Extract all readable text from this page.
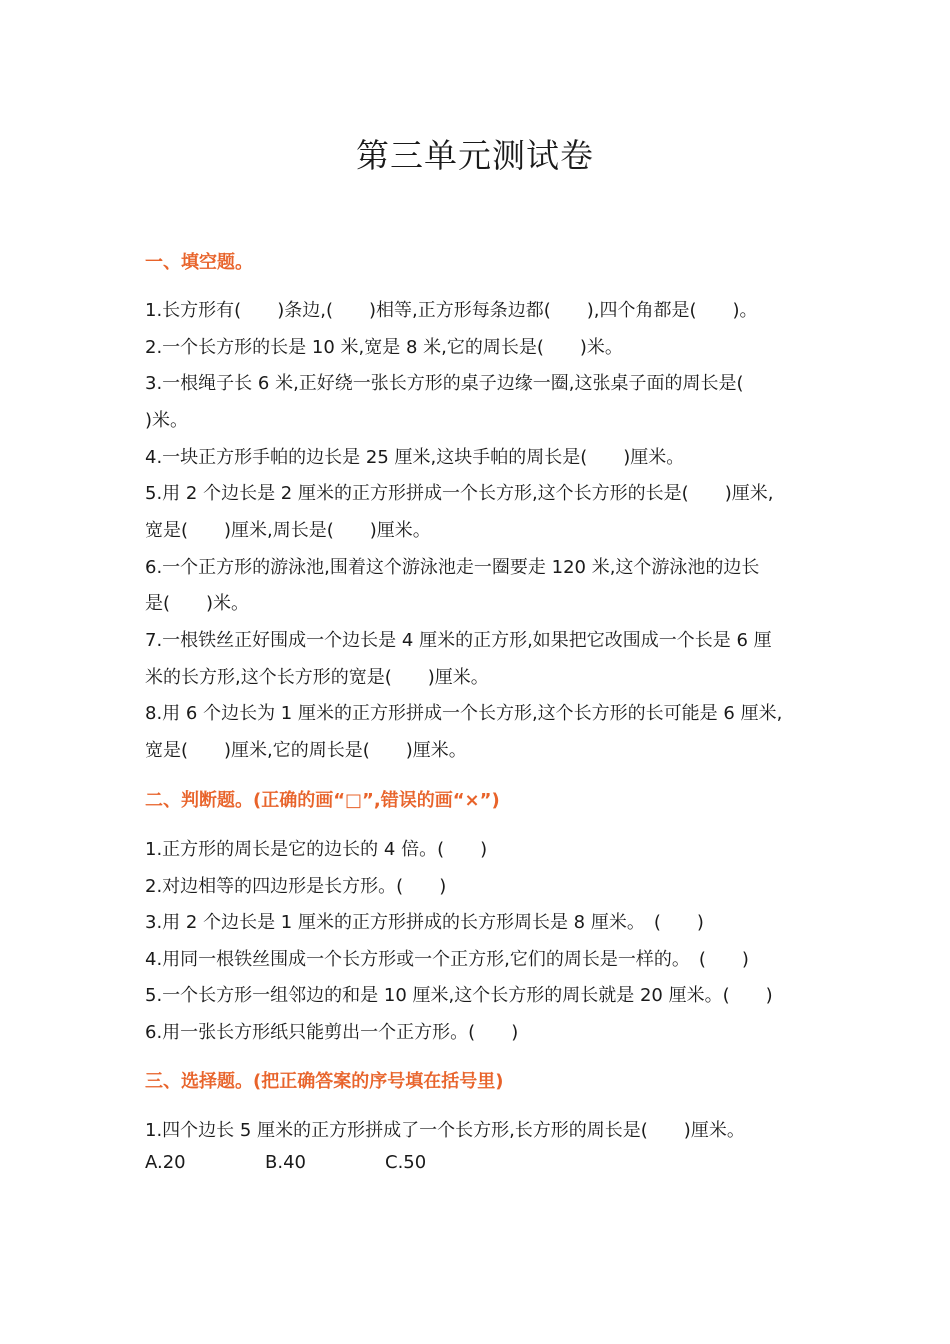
第三单元测试卷
一、填空题。
1.长方形有(　　)条边,(　　)相等,正方形每条边都(　　),四个角都是(　　)。
2.一个长方形的长是 10 米,宽是 8 米,它的周长是(　　)米。
3.一根绳子长 6 米,正好绕一张长方形的桌子边缘一圈,这张桌子面的周长是(
)米。
4.一块正方形手帕的边长是 25 厘米,这块手帕的周长是(　　)厘米。
5.用 2 个边长是 2 厘米的正方形拼成一个长方形,这个长方形的长是(　　)厘米,
宽是(　　)厘米,周长是(　　)厘米。
6.一个正方形的游泳池,围着这个游泳池走一圈要走 120 米,这个游泳池的边长
是(　　)米。
7.一根铁丝正好围成一个边长是 4 厘米的正方形,如果把它改围成一个长是 6 厘
米的长方形,这个长方形的宽是(　　)厘米。
8.用 6 个边长为 1 厘米的正方形拼成一个长方形,这个长方形的长可能是 6 厘米,
宽是(　　)厘米,它的周长是(　　)厘米。
二、判断题。(正确的画“□”,错误的画“×”)
1.正方形的周长是它的边长的 4 倍。(　　)
2.对边相等的四边形是长方形。(　　)
3.用 2 个边长是 1 厘米的正方形拼成的长方形周长是 8 厘米。　(　　)
4.用同一根铁丝围成一个长方形或一个正方形,它们的周长是一样的。　(　　)
5.一个长方形一组邻边的和是 10 厘米,这个长方形的周长就是 20 厘米。(　　)
6.用一张长方形纸只能剪出一个正方形。(　　)
三、选择题。(把正确答案的序号填在括号里)
1.四个边长 5 厘米的正方形拼成了一个长方形,长方形的周长是(　　)厘米。
A.20	B.40	C.50
